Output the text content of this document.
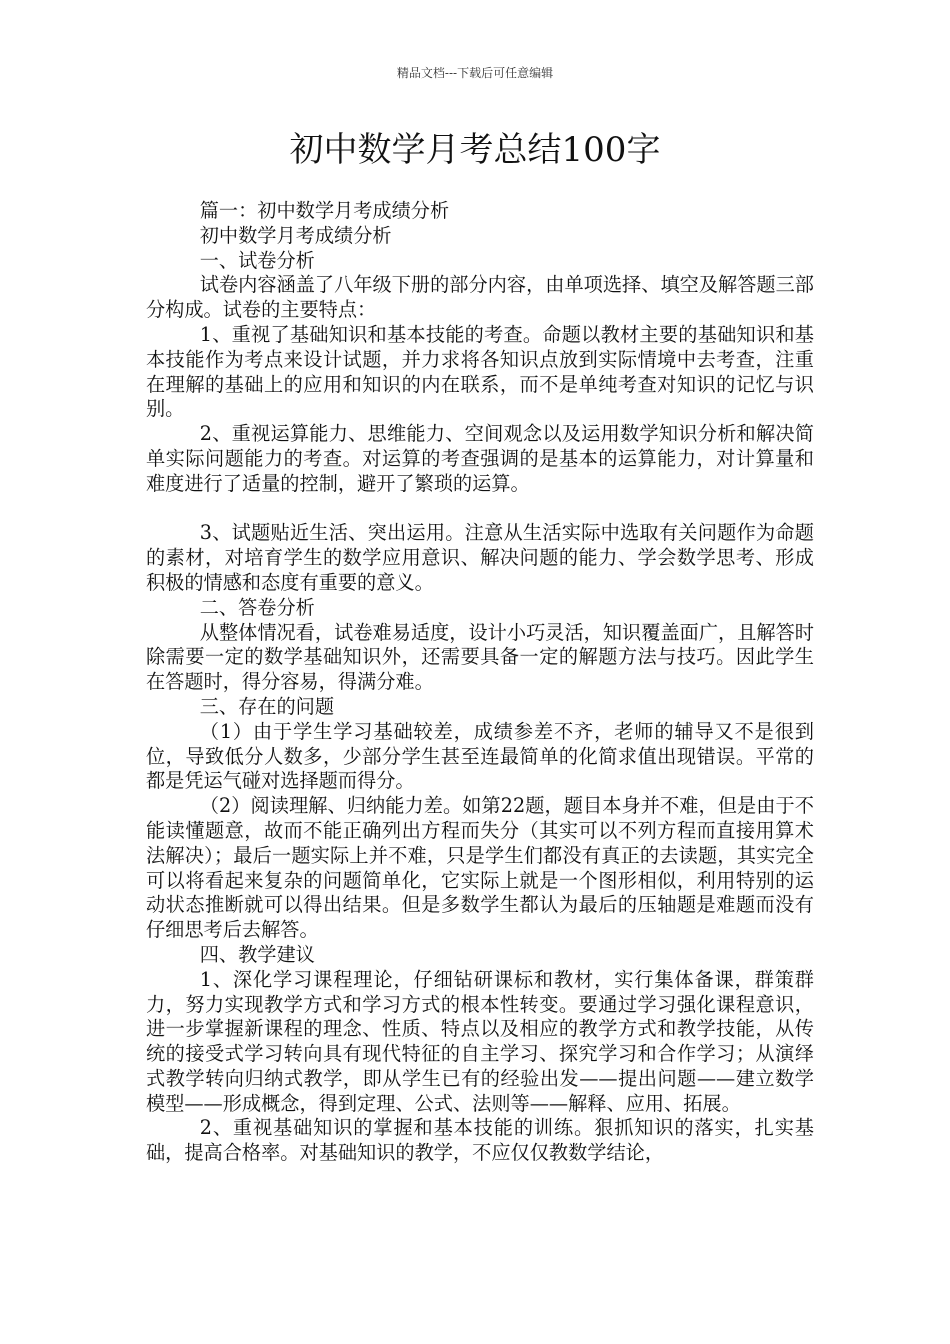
精品文档---下载后可任意编辑
初中数学月考总结100字

篇一：初中数学月考成绩分析

初中数学月考成绩分析

一、试卷分析

试卷内容涵盖了八年级下册的部分内容，由单项选择、填空及解答题三部分构成。试卷的主要特点：

1、重视了基础知识和基本技能的考查。命题以教材主要的基础知识和基本技能作为考点来设计试题，并力求将各知识点放到实际情境中去考查，注重在理解的基础上的应用和知识的内在联系，而不是单纯考查对知识的记忆与识别。

2、重视运算能力、思维能力、空间观念以及运用数学知识分析和解决简单实际问题能力的考查。对运算的考查强调的是基本的运算能力，对计算量和难度进行了适量的控制，避开了繁琐的运算。

3、试题贴近生活、突出运用。注意从生活实际中选取有关问题作为命题的素材，对培育学生的数学应用意识、解决问题的能力、学会数学思考、形成积极的情感和态度有重要的意义。

二、答卷分析

从整体情况看，试卷难易适度，设计小巧灵活，知识覆盖面广，且解答时除需要一定的数学基础知识外，还需要具备一定的解题方法与技巧。因此学生在答题时，得分容易，得满分难。

三、存在的问题

（1）由于学生学习基础较差，成绩参差不齐，老师的辅导又不是很到位，导致低分人数多，少部分学生甚至连最简单的化简求值出现错误。平常的都是凭运气碰对选择题而得分。

（2）阅读理解、归纳能力差。如第22题，题目本身并不难，但是由于不能读懂题意，故而不能正确列出方程而失分（其实可以不列方程而直接用算术法解决）；最后一题实际上并不难，只是学生们都没有真正的去读题，其实完全可以将看起来复杂的问题简单化，它实际上就是一个图形相似，利用特别的运动状态推断就可以得出结果。但是多数学生都认为最后的压轴题是难题而没有仔细思考后去解答。

四、教学建议

1、深化学习课程理论，仔细钻研课标和教材，实行集体备课，群策群力，努力实现教学方式和学习方式的根本性转变。要通过学习强化课程意识，进一步掌握新课程的理念、性质、特点以及相应的教学方式和教学技能，从传统的接受式学习转向具有现代特征的自主学习、探究学习和合作学习；从演绎式教学转向归纳式教学，即从学生已有的经验出发——提出问题——建立数学模型——形成概念，得到定理、公式、法则等——解释、应用、拓展。

2、重视基础知识的掌握和基本技能的训练。狠抓知识的落实，扎实基础，提高合格率。对基础知识的教学，不应仅仅教数学结论，
